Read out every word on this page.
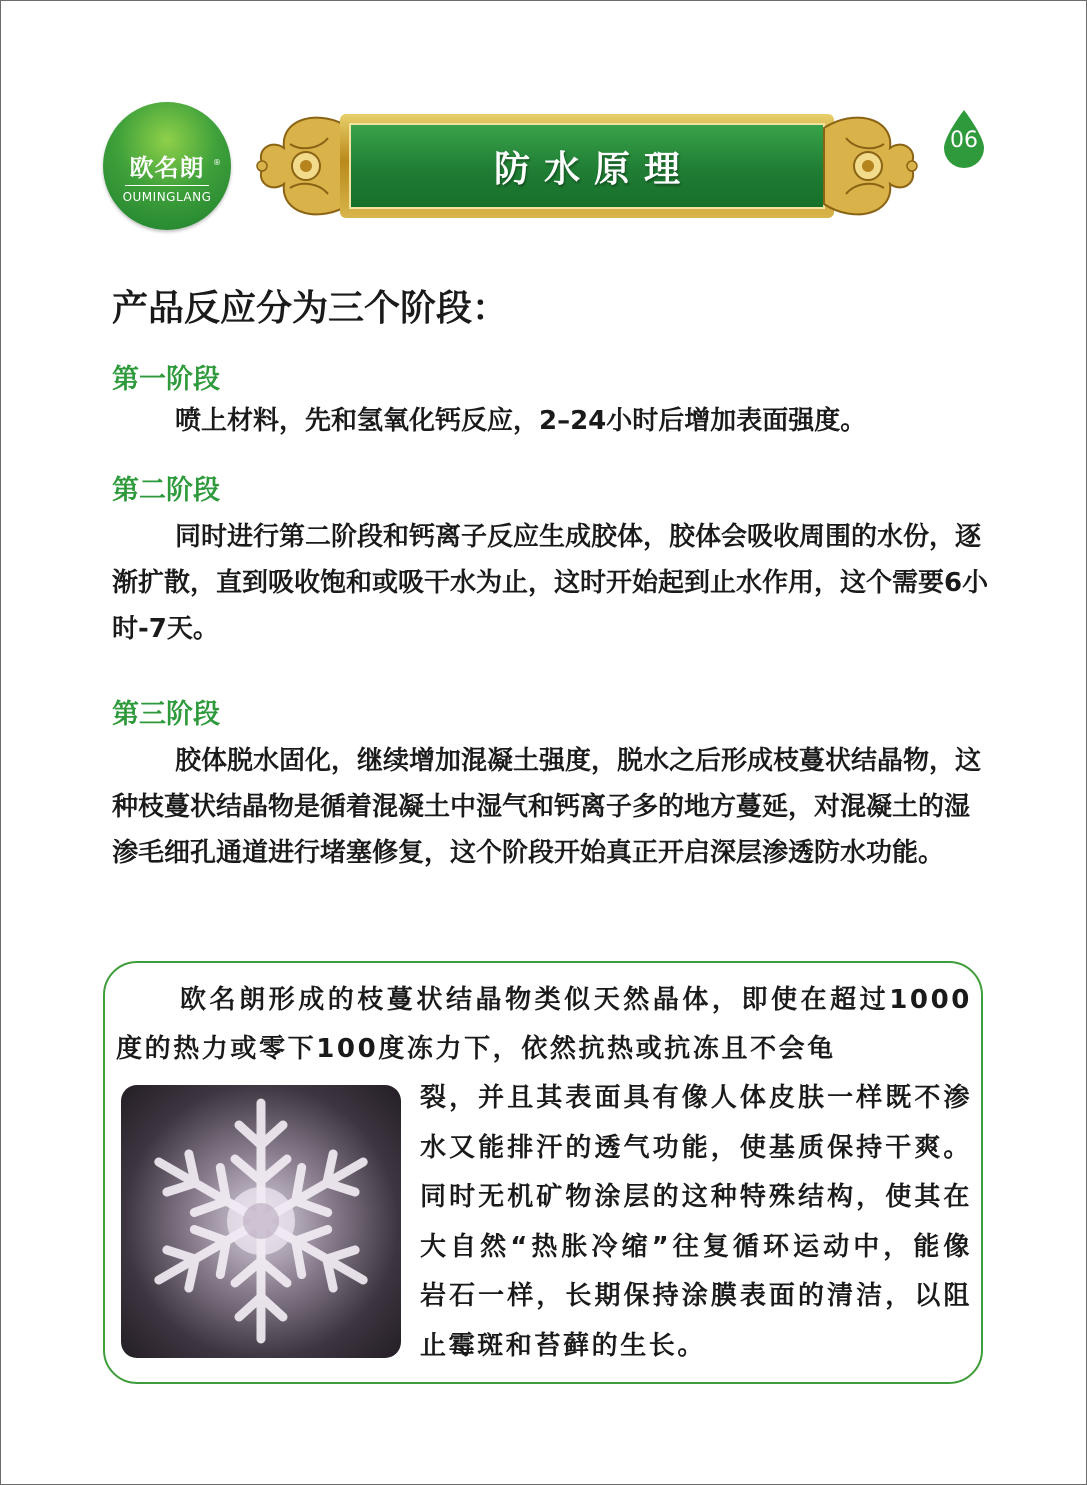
欧名朗	®
OUMINGLANG
防水原理
06
产品反应分为三个阶段：
第一阶段
喷上材料，先和氢氧化钙反应，2–24小时后增加表面强度。
第二阶段
同时进行第二阶段和钙离子反应生成胶体，胶体会吸收周围的水份，逐渐扩散，直到吸收饱和或吸干水为止，这时开始起到止水作用，这个需要6小时-7天。
第三阶段
胶体脱水固化，继续增加混凝土强度，脱水之后形成枝蔓状结晶物，这种枝蔓状结晶物是循着混凝土中湿气和钙离子多的地方蔓延，对混凝土的湿渗毛细孔通道进行堵塞修复，这个阶段开始真正开启深层渗透防水功能。
欧名朗形成的枝蔓状结晶物类似天然晶体，即使在超过1000度的热力或零下100度冻力下，依然抗热或抗冻且不会龟
裂，并且其表面具有像人体皮肤一样既不渗水又能排汗的透气功能，使基质保持干爽。同时无机矿物涂层的这种特殊结构，使其在大自然“热胀冷缩”往复循环运动中，能像岩石一样，长期保持涂膜表面的清洁，以阻止霉斑和苔藓的生长。
